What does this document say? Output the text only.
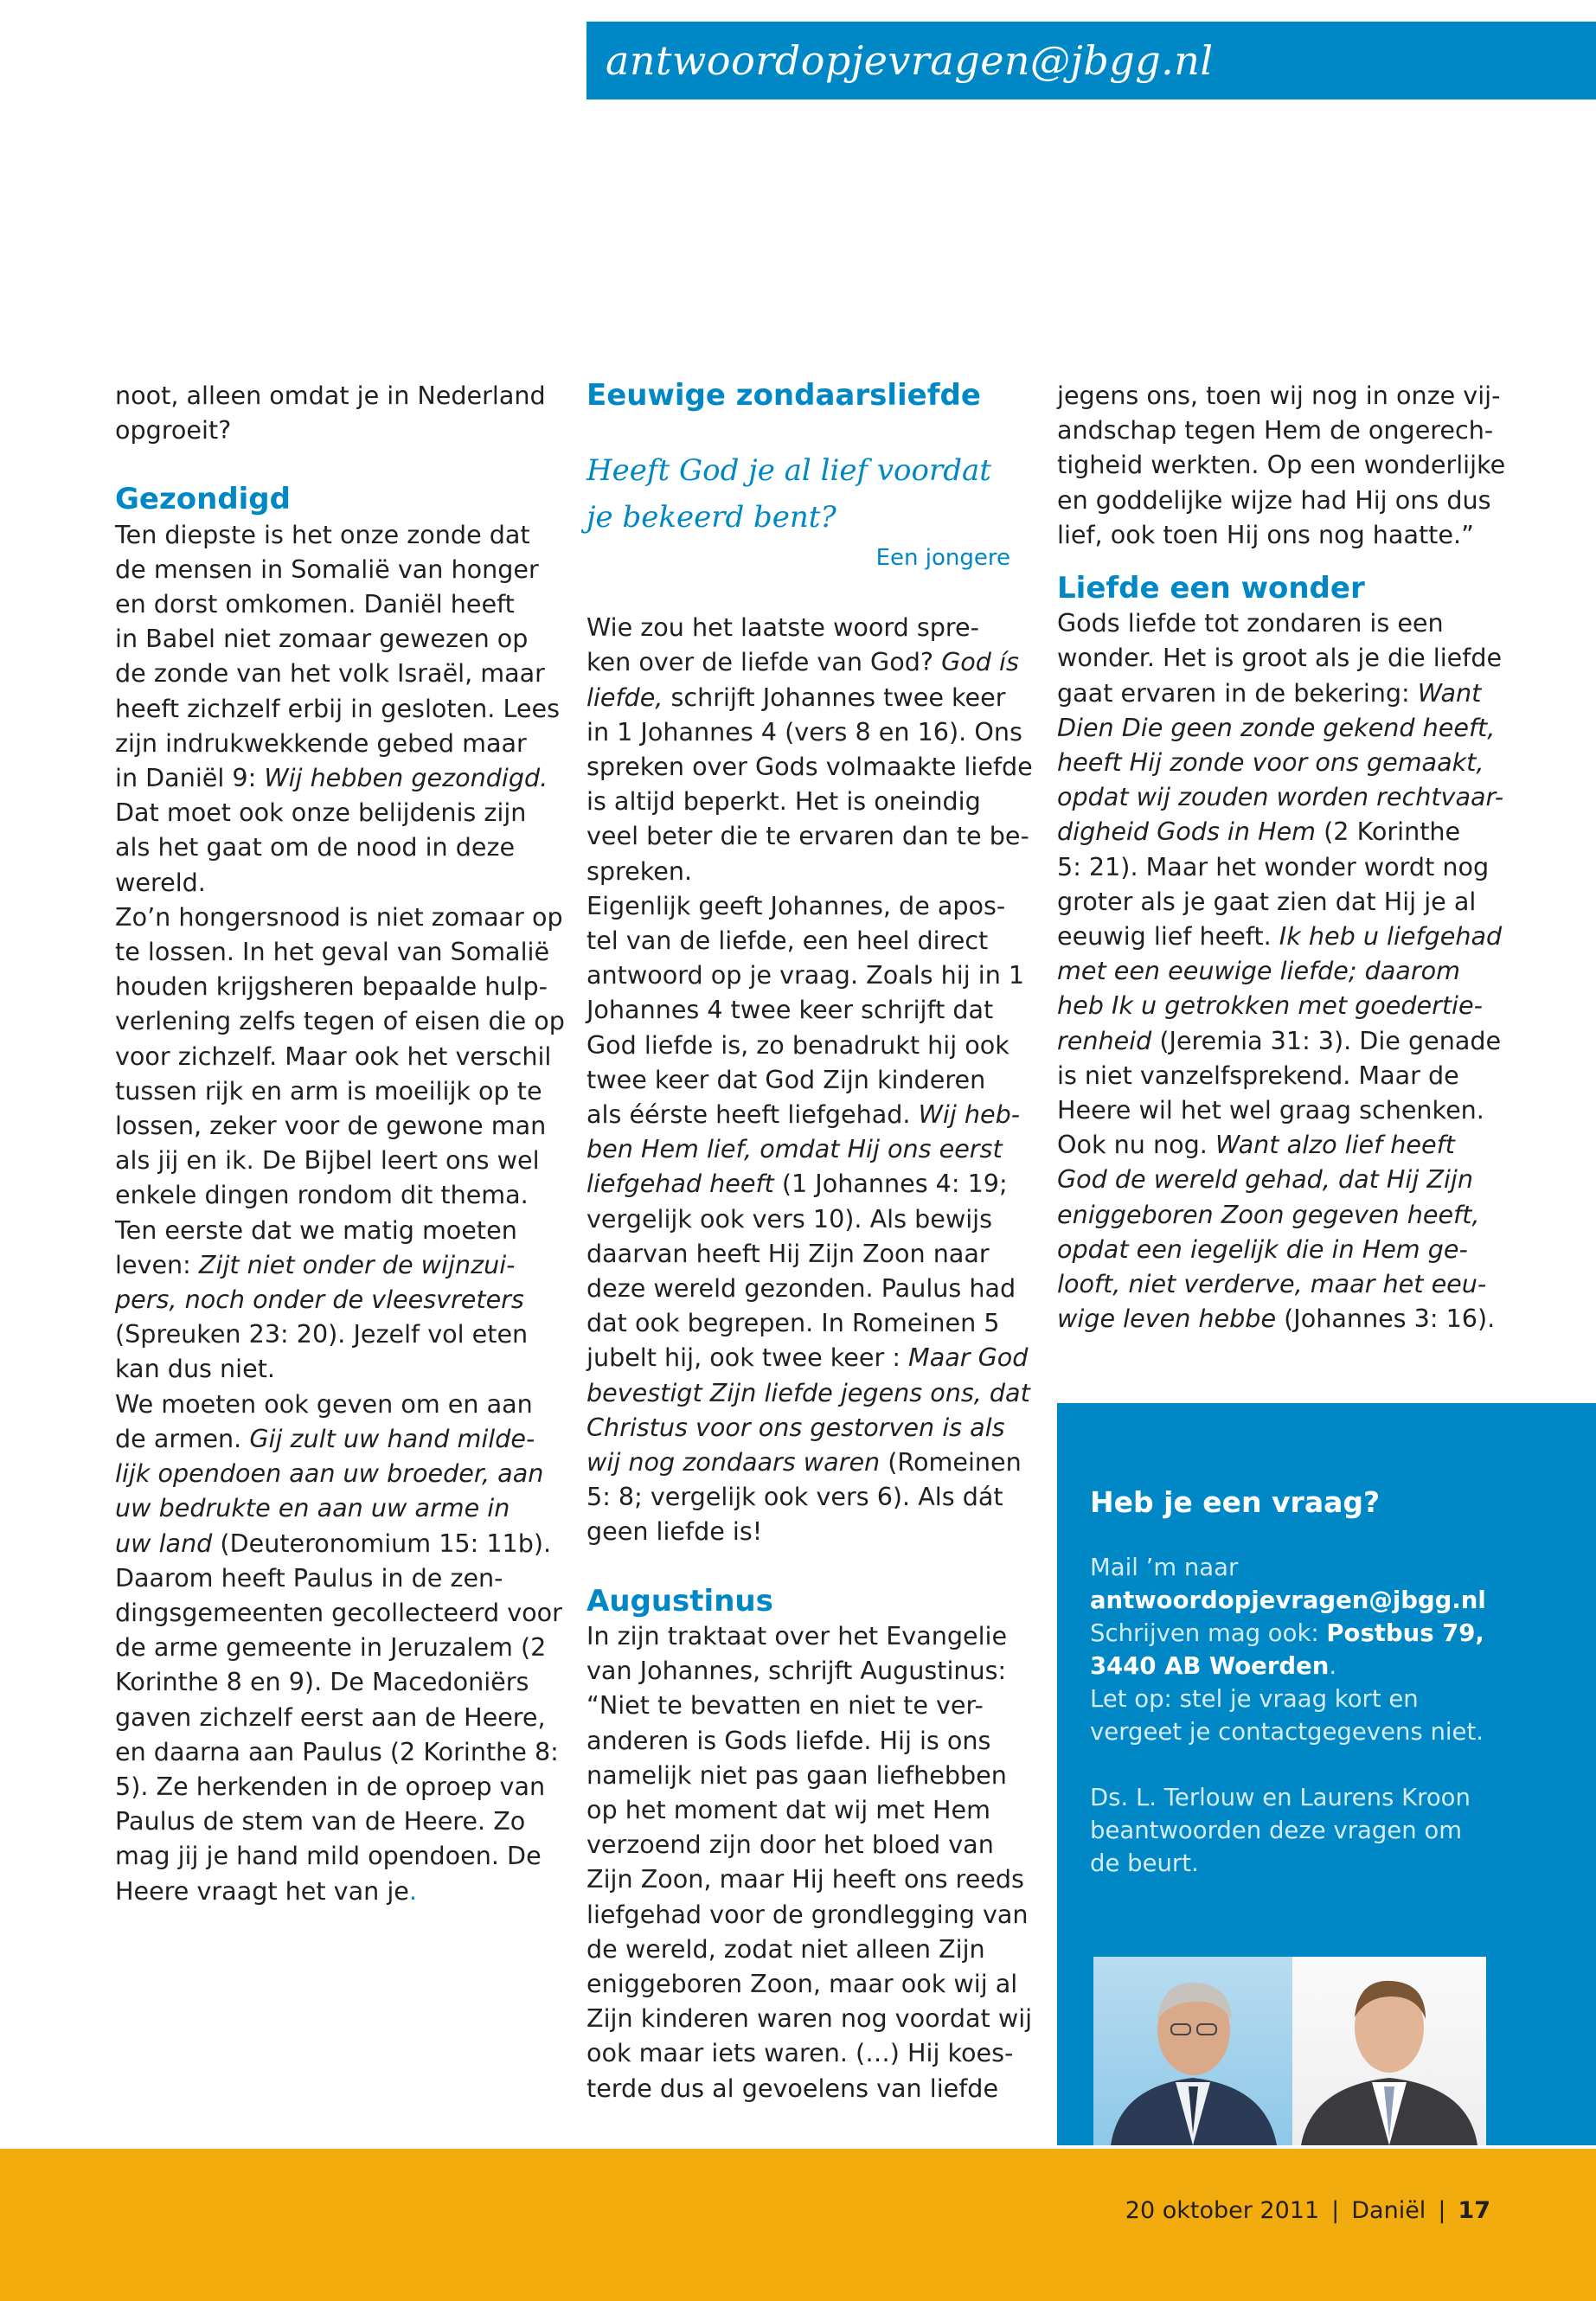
antwoordopjevragen@jbgg.nl

noot, alleen omdat je in Nederland

opgroeit?

Gezondigd

Ten diepste is het onze zonde dat

de mensen in Somalië van honger

en dorst omkomen. Daniël heeft

in Babel niet zomaar gewezen op

de zonde van het volk Israël, maar

heeft zichzelf erbij in gesloten. Lees

zijn indrukwekkende gebed maar

in Daniël 9: Wij hebben gezondigd.

Dat moet ook onze belijdenis zijn

als het gaat om de nood in deze

wereld.

Zo’n hongersnood is niet zomaar op

te lossen. In het geval van Somalië

houden krijgsheren bepaalde hulp-

verlening zelfs tegen of eisen die op

voor zichzelf. Maar ook het verschil

tussen rijk en arm is moeilijk op te

lossen, zeker voor de gewone man

als jij en ik. De Bijbel leert ons wel

enkele dingen rondom dit thema.

Ten eerste dat we matig moeten

leven: Zijt niet onder de wijnzui-

pers, noch onder de vleesvreters

(Spreuken 23: 20). Jezelf vol eten

kan dus niet.

We moeten ook geven om en aan

de armen. Gij zult uw hand milde-

lijk opendoen aan uw broeder, aan

uw bedrukte en aan uw arme in

uw land (Deuteronomium 15: 11b).

Daarom heeft Paulus in de zen-

dingsgemeenten gecollecteerd voor

de arme gemeente in Jeruzalem (2

Korinthe 8 en 9). De Macedoniërs

gaven zichzelf eerst aan de Heere,

en daarna aan Paulus (2 Korinthe 8:

5). Ze herkenden in de oproep van

Paulus de stem van de Heere. Zo

mag jij je hand mild opendoen. De

Heere vraagt het van je.

Eeuwige zondaarsliefde

Heeft God je al lief voordat
je bekeerd bent?
Een jongere

Wie zou het laatste woord spre-

ken over de liefde van God? God ís

liefde, schrijft Johannes twee keer

in 1 Johannes 4 (vers 8 en 16). Ons

spreken over Gods volmaakte liefde

is altijd beperkt. Het is oneindig

veel beter die te ervaren dan te be-

spreken.

Eigenlijk geeft Johannes, de apos-

tel van de liefde, een heel direct

antwoord op je vraag. Zoals hij in 1

Johannes 4 twee keer schrijft dat

God liefde is, zo benadrukt hij ook

twee keer dat God Zijn kinderen

als éérste heeft liefgehad. Wij heb-

ben Hem lief, omdat Hij ons eerst

liefgehad heeft (1 Johannes 4: 19;

vergelijk ook vers 10). Als bewijs

daarvan heeft Hij Zijn Zoon naar

deze wereld gezonden. Paulus had

dat ook begrepen. In Romeinen 5

jubelt hij, ook twee keer : Maar God

bevestigt Zijn liefde jegens ons, dat

Christus voor ons gestorven is als

wij nog zondaars waren (Romeinen

5: 8; vergelijk ook vers 6). Als dát

geen liefde is!

Augustinus

In zijn traktaat over het Evangelie

van Johannes, schrijft Augustinus:

“Niet te bevatten en niet te ver-

anderen is Gods liefde. Hij is ons

namelijk niet pas gaan liefhebben

op het moment dat wij met Hem

verzoend zijn door het bloed van

Zijn Zoon, maar Hij heeft ons reeds

liefgehad voor de grondlegging van

de wereld, zodat niet alleen Zijn

eniggeboren Zoon, maar ook wij al

Zijn kinderen waren nog voordat wij

ook maar iets waren. (…) Hij koes-

terde dus al gevoelens van liefde

jegens ons, toen wij nog in onze vij-

andschap tegen Hem de ongerech-

tigheid werkten. Op een wonderlijke

en goddelijke wijze had Hij ons dus

lief, ook toen Hij ons nog haatte.”

Liefde een wonder

Gods liefde tot zondaren is een

wonder. Het is groot als je die liefde

gaat ervaren in de bekering: Want

Dien Die geen zonde gekend heeft,

heeft Hij zonde voor ons gemaakt,

opdat wij zouden worden rechtvaar-

digheid Gods in Hem (2 Korinthe

5: 21). Maar het wonder wordt nog

groter als je gaat zien dat Hij je al

eeuwig lief heeft. Ik heb u liefgehad

met een eeuwige liefde; daarom

heb Ik u getrokken met goedertie-

renheid (Jeremia 31: 3). Die genade

is niet vanzelfsprekend. Maar de

Heere wil het wel graag schenken.

Ook nu nog. Want alzo lief heeft

God de wereld gehad, dat Hij Zijn

eniggeboren Zoon gegeven heeft,

opdat een iegelijk die in Hem ge-

looft, niet verderve, maar het eeu-

wige leven hebbe (Johannes 3: 16).

Heb je een vraag?

Mail ’m naar

antwoordopjevragen@jbgg.nl

Schrijven mag ook: Postbus 79,

3440 AB Woerden.

Let op: stel je vraag kort en

vergeet je contactgegevens niet.

Ds. L. Terlouw en Laurens Kroon

beantwoorden deze vragen om

de beurt.

20 oktober 2011 | Daniël | 17
